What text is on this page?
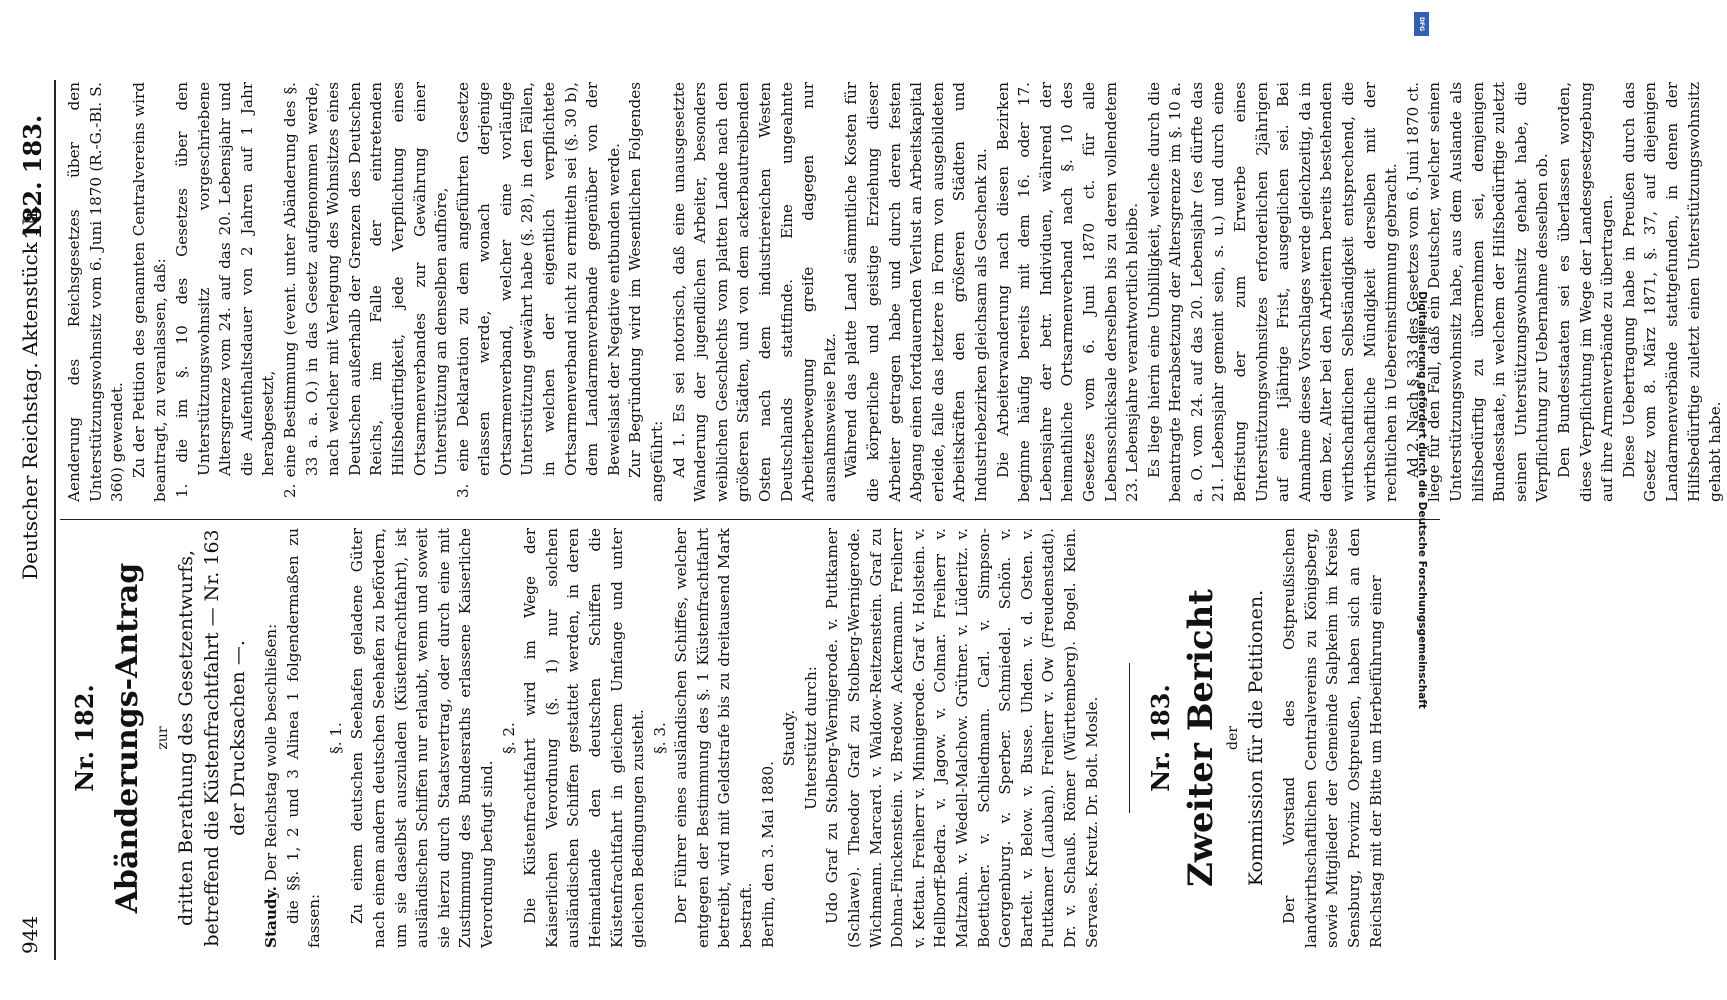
944
Deutscher Reichstag. Aktenstück Nr.
182. 183.
Nr. 182. Abänderungs-Antrag zur dritten Berathung des Gesetzentwurfs, betreffend die Küstenfrachtfahrt — Nr. 163 der Drucksachen —.

Staudy. Der Reichstag wolle beschließen: die §§. 1, 2 und 3 Alinea 1 folgendermaßen zu fassen:

§. 1. Zu einem deutschen Seehafen geladene Güter nach einem andern deutschen Seehafen zu befördern, um sie daselbst auszuladen (Küstenfrachtfahrt), ist ausländischen Schiffen nur erlaubt, wenn und soweit sie hierzu durch Staatsvertrag, oder durch eine mit Zustimmung des Bundesraths erlassene Kaiserliche Verordnung befugt sind.

§. 2. Die Küstenfrachtfahrt wird im Wege der Kaiserlichen Verordnung (§. 1) nur solchen ausländischen Schiffen gestattet werden, in deren Heimatlande den deutschen Schiffen die Küstenfrachtfahrt in gleichem Umfange und unter gleichen Bedingungen zusteht. §. 3. Der Führer eines ausländischen Schiffes, welcher entgegen der Bestimmung des §. 1 Küstenfrachtfahrt betreibt, wird mit Geldstrafe bis zu dreitausend Mark bestraft. Berlin, den 3. Mai 1880.

Staudy. Unterstützt durch: Udo Graf zu Stolberg-Wernigerode. v. Puttkamer (Schlawe). Theodor Graf zu Stolberg-Wernigerode. Wichmann. Marcard. v. Waldow-Reitzenstein. Graf zu Dohna-Finckenstein. v. Bredow. Ackermann. Freiherr v. Kettau. Freiherr v. Minnigerode. Graf v. Holstein. v. Hellborff-Bedra. v. Jagow. v. Colmar. Freiherr v. Maltzahn. v. Wedell-Malchow. Grütner. v. Lüderitz. v. Boetticher. v. Schliedmann. Carl. v. Simpson-Georgenburg. v. Sperber. Schmiedel. Schön. v. Bartelt. v. Below. v. Busse. Uhden. v. d. Osten. v. Puttkamer (Lauban). Freiherr v. Ow (Freudenstadt). Dr. v. Schauß. Römer (Württemberg). Bogel. Klein. Servaes. Kreutz. Dr. Bolt. Mosle. Nr. 183. Zweiter Bericht der Kommission für die Petitionen. Der Vorstand des Ostpreußischen landwirthschaftlichen Centralvereins zu Königsberg, sowie Mitglieder der Gemeinde Salpkeim im Kreise Sensburg, Provinz Ostpreußen, haben sich an den Reichstag mit der Bitte um Herbeiführung einer

Aenderung des Reichsgesetzes über den Unterstützungswohnsitz vom 6. Juni 1870 (R.-G.-Bl. S. 360) gewendet. Zu der Petition des genannten Centralvereins wird beantragt, zu veranlassen, daß: 1. die im §. 10 des Gesetzes über den Unterstützungswohnsitz vorgeschriebene Altersgrenze vom 24. auf das 20. Lebensjahr und die Aufenthaltsdauer von 2 Jahren auf 1 Jahr herabgesetzt, 2. eine Bestimmung (event. unter Abänderung des §. 33 a. a. O.) in das Gesetz aufgenommen werde, nach welcher mit Verlegung des Wohnsitzes eines Deutschen außerhalb der Grenzen des Deutschen Reichs, im Falle der eintretenden Hilfsbedürftigkeit, jede Verpflichtung eines Ortsarmenverbandes zur Gewährung einer Unterstützung an denselben aufhöre, 3. eine Deklaration zu dem angeführten Gesetze erlassen werde, wonach derjenige Ortsarmenverband, welcher eine vorläufige Unterstützung gewährt habe (§. 28), in den Fällen, in welchen der eigentlich verpflichtete Ortsarmenverband nicht zu ermitteln sei (§. 30 b), dem Landarmenverbande gegenüber von der Beweislast der Negative entbunden werde. Zur Begründung wird im Wesentlichen Folgendes angeführt: Ad 1. Es sei notorisch, daß eine unausgesetzte Wanderung der jugendlichen Arbeiter, besonders weiblichen Geschlechts vom platten Lande nach den größeren Städten, und von dem ackerbautreibenden Osten nach dem industriereichen Westen Deutschlands stattfinde. Eine ungeahnte Arbeiterbewegung greife dagegen nur ausnahmsweise Platz. Während das platte Land sämmtliche Kosten für die körperliche und geistige Erziehung dieser Arbeiter getragen habe und durch deren festen Abgang einen fortdauernden Verlust an Arbeitskapital erleide, falle das letztere in Form von ausgebildeten Arbeitskräften den größeren Städten und Industriebezirken gleichsam als Geschenk zu. Die Arbeiterwanderung nach diesen Bezirken beginne häufig bereits mit dem 16. oder 17. Lebensjahre der betr. Individuen, während der heimathliche Ortsarmenverband nach §. 10 des Gesetzes vom 6. Juni 1870 ct. für alle Lebensschicksale derselben bis zu deren vollendetem 23. Lebensjahre verantwortlich bleibe. Es liege hierin eine Unbilligkeit, welche durch die beantragte Herabsetzung der Altersgrenze im §. 10 a. a. O. vom 24. auf das 20. Lebensjahr (es dürfte das 21. Lebensjahr gemeint sein, s. u.) und durch eine Befristung der zum Erwerbe eines Unterstützungswohnsitzes erforderlichen 2jährigen auf eine 1jährige Frist, ausgeglichen sei. Bei Annahme dieses Vorschlages werde gleichzeitig, da in dem bez. Alter bei den Arbeitern bereits bestehenden wirthschaftlichen Selbständigkeit entsprechend, die wirthschaftliche Mündigkeit derselben mit der rechtlichen in Uebereinstimmung gebracht. Ad 2. Nach §. 33 des Gesetzes vom 6. Juni 1870 ct. liege für den Fall, daß ein Deutscher, welcher seinen Unterstützungswohnsitz habe, aus dem Auslande als hilfsbedürftig zu übernehmen sei, demjenigen Bundesstaate, in welchem der Hilfsbedürftige zuletzt seinen Unterstützungswohnsitz gehabt habe, die Verpflichtung zur Uebernahme desselben ob. Den Bundesstaaten sei es überlassen worden, diese Verpflichtung im Wege der Landesgesetzgebung auf ihre Armenverbände zu übertragen. Diese Uebertragung habe in Preußen durch das Gesetz vom 8. März 1871, §. 37, auf diejenigen Landarmenverbände stattgefunden, in denen der Hilfsbedürftige zuletzt einen Unterstützungswohnsitz gehabt habe.

DFG
Digitalisierung gefördert durch die Deutsche Forschungsgemeinschaft
